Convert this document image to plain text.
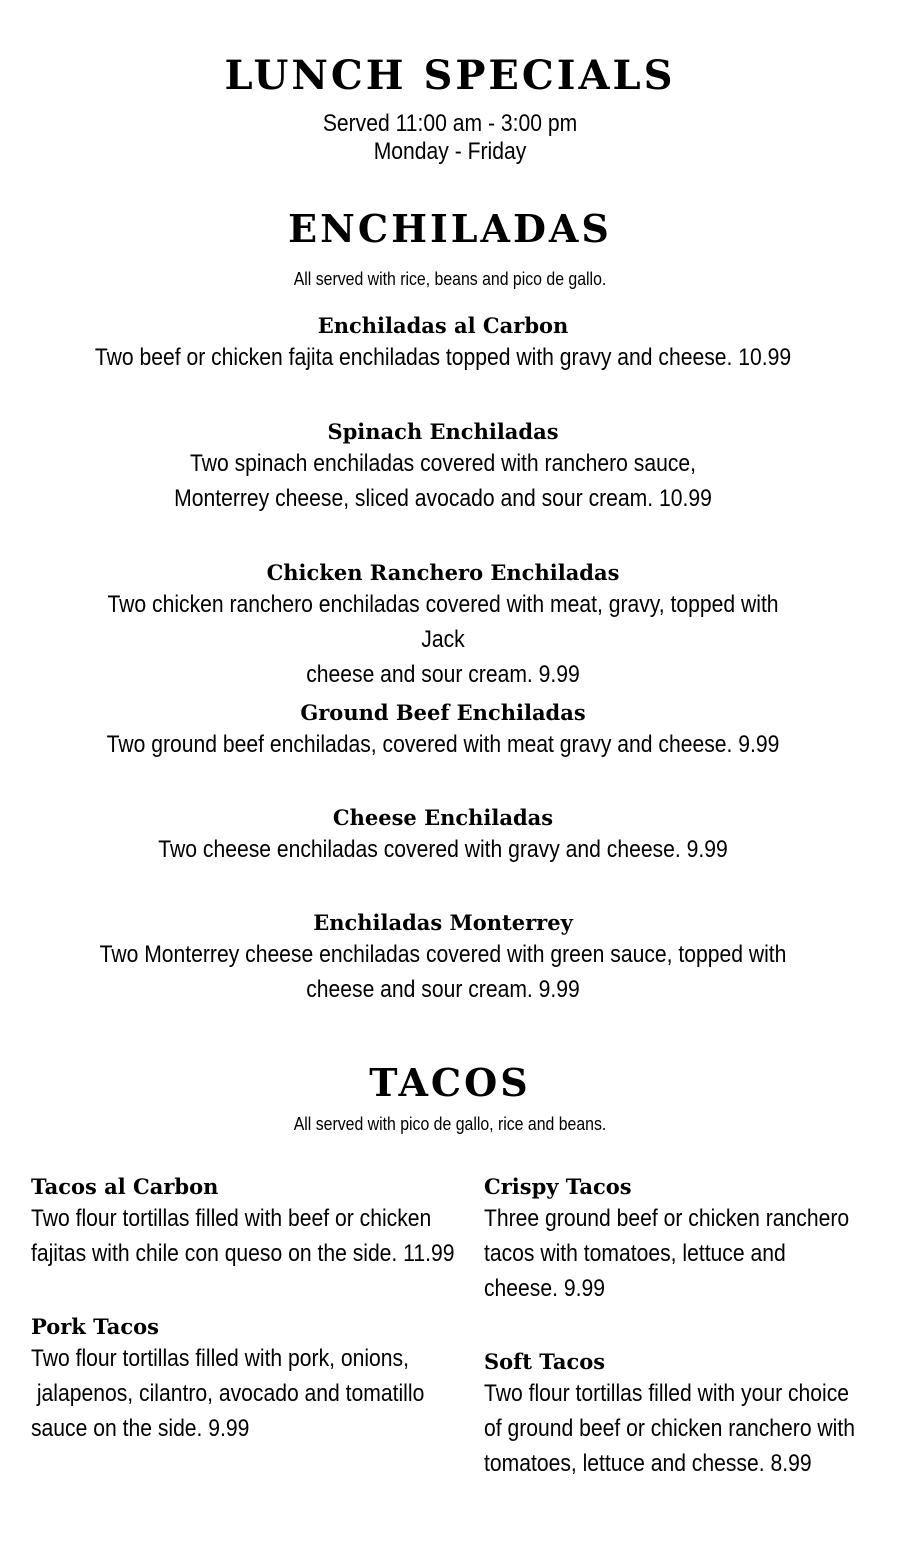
LUNCH SPECIALS

Served 11:00 am - 3:00 pm

Monday - Friday

ENCHILADAS

All served with rice, beans and pico de gallo.

Enchiladas al Carbon

Two beef or chicken fajita enchiladas topped with gravy and cheese. 10.99

Spinach Enchiladas

Two spinach enchiladas covered with ranchero sauce,
Monterrey cheese, sliced avocado and sour cream. 10.99

Chicken Ranchero Enchiladas

Two chicken ranchero enchiladas covered with meat, gravy, topped with Jack
cheese and sour cream. 9.99

Ground Beef Enchiladas

Two ground beef enchiladas, covered with meat gravy and cheese. 9.99

Cheese Enchiladas

Two cheese enchiladas covered with gravy and cheese. 9.99

Enchiladas Monterrey

Two Monterrey cheese enchiladas covered with green sauce, topped with
cheese and sour cream. 9.99

TACOS

All served with pico de gallo, rice and beans.

Tacos al Carbon

Two flour tortillas filled with beef or chicken
fajitas with chile con queso on the side. 11.99

Pork Tacos

Two flour tortillas filled with pork, onions,
jalapenos, cilantro, avocado and tomatillo
sauce on the side. 9.99

Crispy Tacos

Three ground beef or chicken ranchero
tacos with tomatoes, lettuce and
cheese. 9.99

Soft Tacos

Two flour tortillas filled with your choice
of ground beef or chicken ranchero with
tomatoes, lettuce and chesse. 8.99
